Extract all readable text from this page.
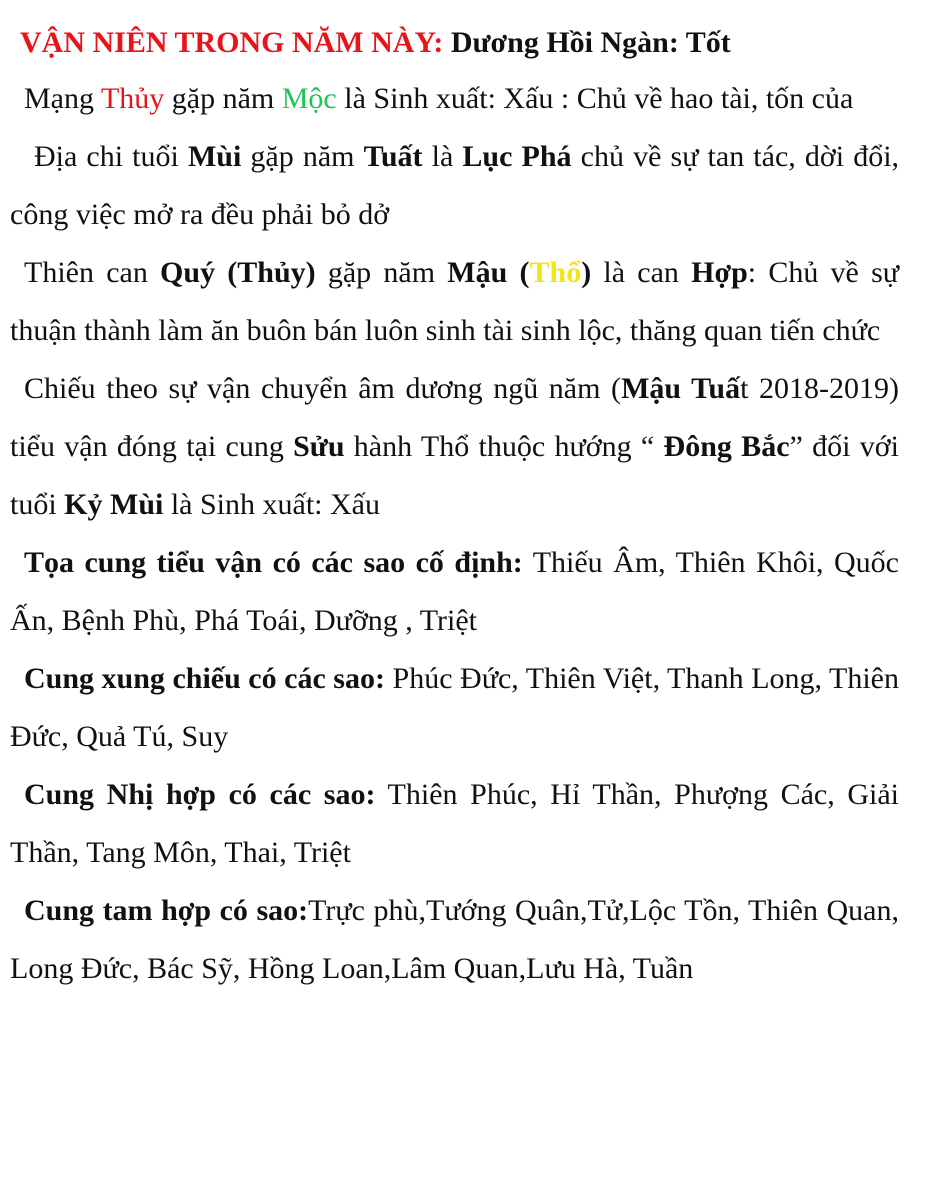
VẬN NIÊN TRONG NĂM NÀY: Dương Hồi Ngàn: Tốt

Mạng Thủy gặp năm Mộc là Sinh xuất: Xấu : Chủ về hao tài, tốn của

Địa chi tuổi Mùi gặp năm Tuất là Lục Phá chủ về sự tan tác, dời đổi, công việc mở ra đều phải bỏ dở

Thiên can Quý (Thủy) gặp năm Mậu (Thổ) là can Hợp: Chủ về sự thuận thành làm ăn buôn bán luôn sinh tài sinh lộc, thăng quan tiến chức

Chiếu theo sự vận chuyển âm dương ngũ năm (Mậu Tuất 2018-2019) tiểu vận đóng tại cung Sửu hành Thổ thuộc hướng “ Đông Bắc” đối với tuổi Kỷ Mùi là Sinh xuất: Xấu

Tọa cung tiểu vận có các sao cố định: Thiếu Âm, Thiên Khôi, Quốc Ấn, Bệnh Phù, Phá Toái, Dưỡng , Triệt

Cung xung chiếu có các sao: Phúc Đức, Thiên Việt, Thanh Long, Thiên Đức, Quả Tú, Suy

Cung Nhị hợp có các sao: Thiên Phúc, Hỉ Thần, Phượng Các, Giải Thần, Tang Môn, Thai, Triệt

Cung tam hợp có sao:Trực phù,Tướng Quân,Tử,Lộc Tồn, Thiên Quan, Long Đức, Bác Sỹ, Hồng Loan,Lâm Quan,Lưu Hà, Tuần
